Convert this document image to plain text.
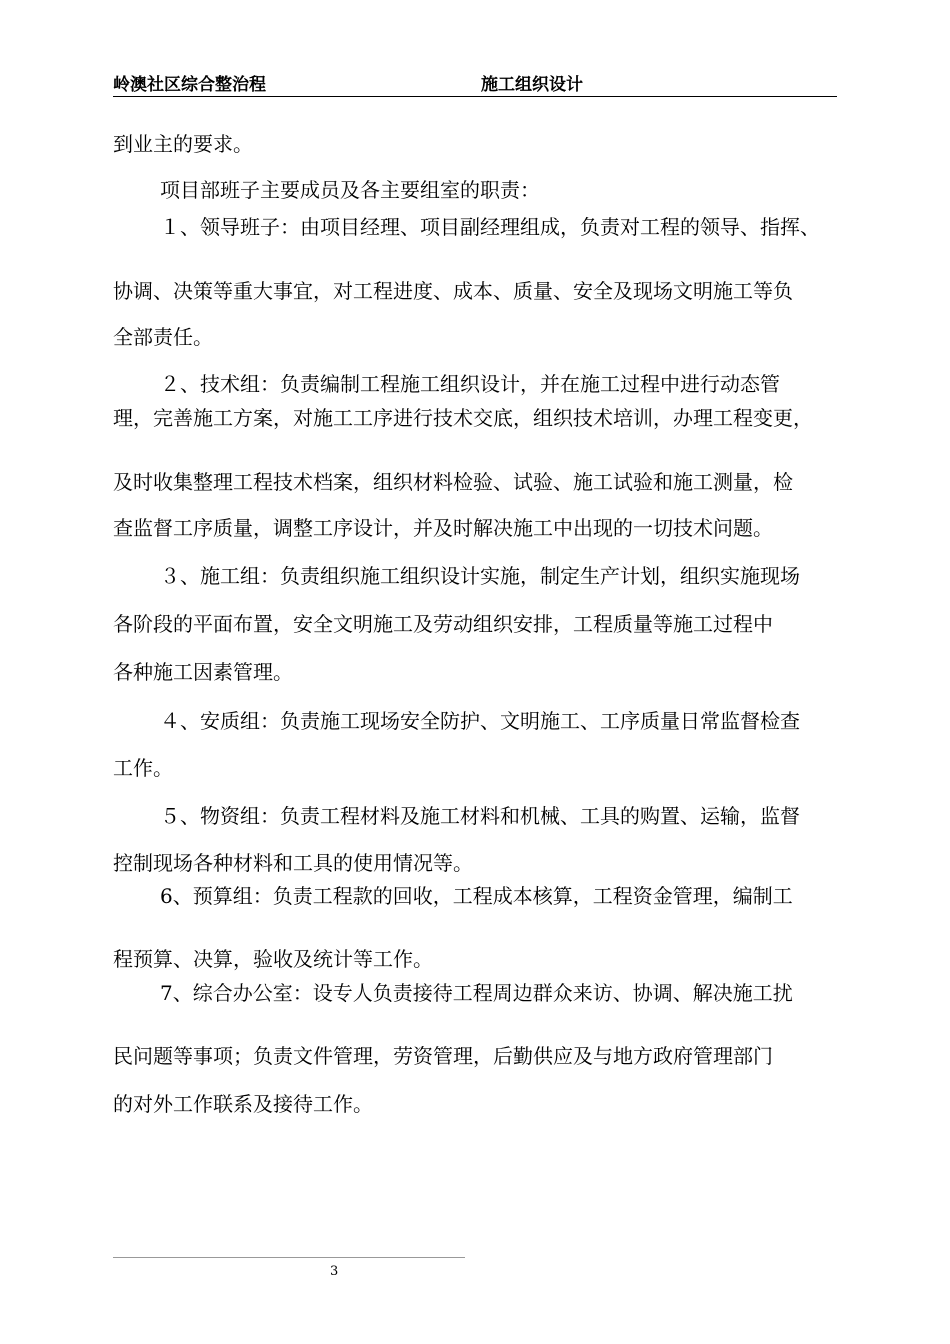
岭澳社区综合整治程	施工组织设计
到业主的要求。
项目部班子主要成员及各主要组室的职责：
１、领导班子：由项目经理、项目副经理组成，负责对工程的领导、指挥、
协调、决策等重大事宜，对工程进度、成本、质量、安全及现场文明施工等负
全部责任。
２、技术组：负责编制工程施工组织设计，并在施工过程中进行动态管
理，完善施工方案，对施工工序进行技术交底，组织技术培训，办理工程变更，
及时收集整理工程技术档案，组织材料检验、试验、施工试验和施工测量，检
查监督工序质量，调整工序设计，并及时解决施工中出现的一切技术问题。
３、施工组：负责组织施工组织设计实施，制定生产计划，组织实施现场
各阶段的平面布置，安全文明施工及劳动组织安排，工程质量等施工过程中
各种施工因素管理。
４、安质组：负责施工现场安全防护、文明施工、工序质量日常监督检查
工作。
５、物资组：负责工程材料及施工材料和机械、工具的购置、运输，监督
控制现场各种材料和工具的使用情况等。
6、预算组：负责工程款的回收，工程成本核算，工程资金管理，编制工
程预算、决算，验收及统计等工作。
7、综合办公室：设专人负责接待工程周边群众来访、协调、解决施工扰
民问题等事项；负责文件管理，劳资管理，后勤供应及与地方政府管理部门
的对外工作联系及接待工作。
3
